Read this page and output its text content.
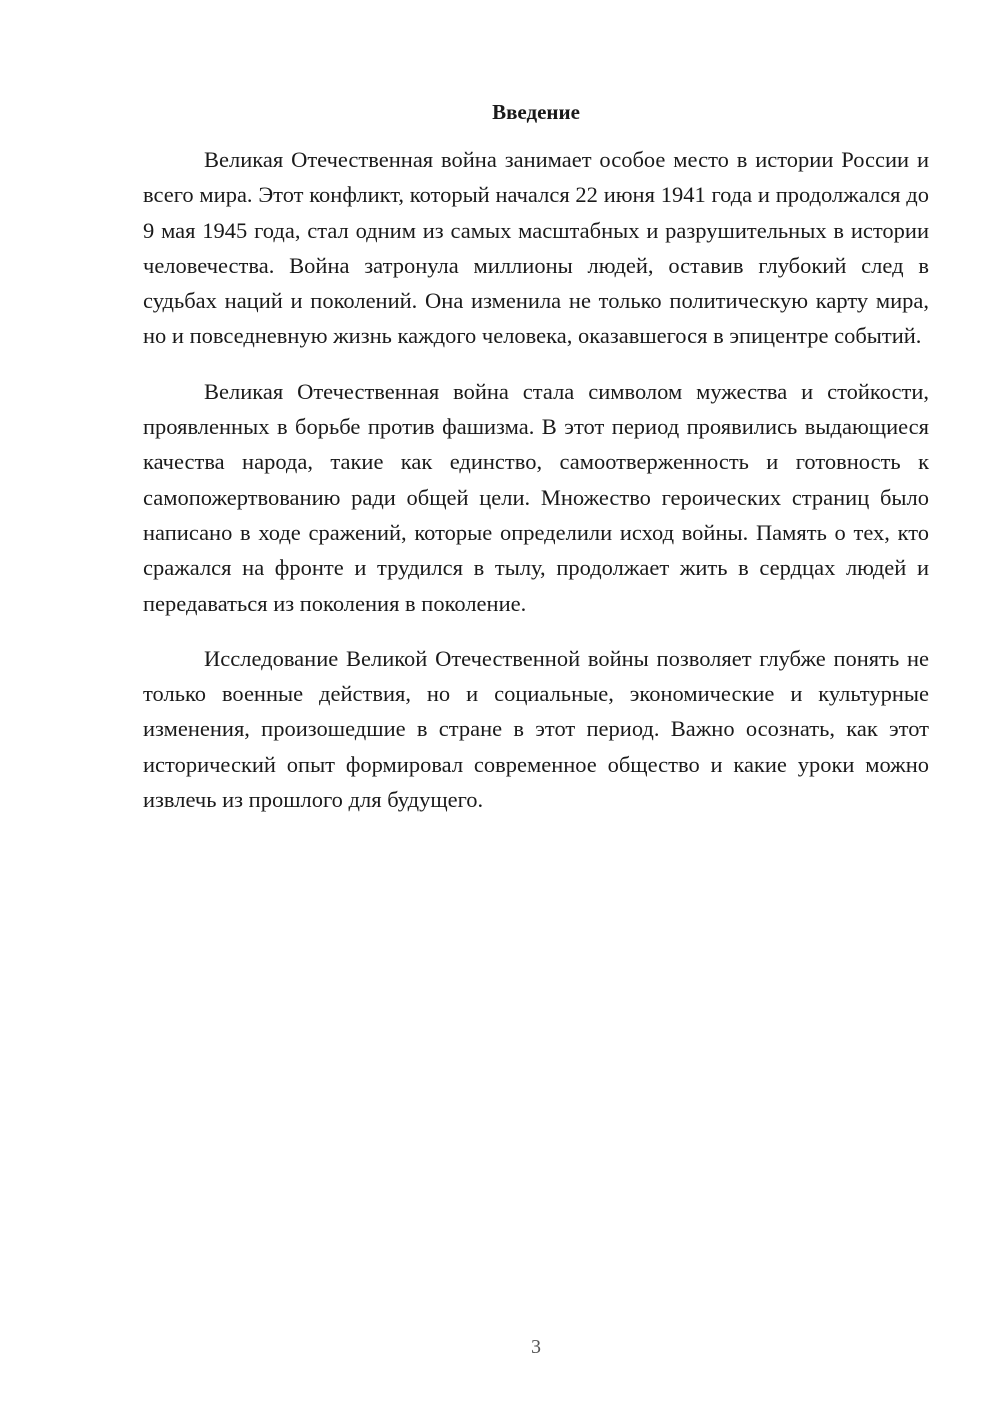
Введение

Великая Отечественная война занимает особое место в истории России и всего мира. Этот конфликт, который начался 22 июня 1941 года и продолжался до 9 мая 1945 года, стал одним из самых масштабных и разрушительных в истории человечества. Война затронула миллионы людей, оставив глубокий след в судьбах наций и поколений. Она изменила не только политическую карту мира, но и повседневную жизнь каждого человека, оказавшегося в эпицентре событий.

Великая Отечественная война стала символом мужества и стойкости, проявленных в борьбе против фашизма. В этот период проявились выдающиеся качества народа, такие как единство, самоотверженность и готовность к самопожертвованию ради общей цели. Множество героических страниц было написано в ходе сражений, которые определили исход войны. Память о тех, кто сражался на фронте и трудился в тылу, продолжает жить в сердцах людей и передаваться из поколения в поколение.

Исследование Великой Отечественной войны позволяет глубже понять не только военные действия, но и социальные, экономические и культурные изменения, произошедшие в стране в этот период. Важно осознать, как этот исторический опыт формировал современное общество и какие уроки можно извлечь из прошлого для будущего.

3
